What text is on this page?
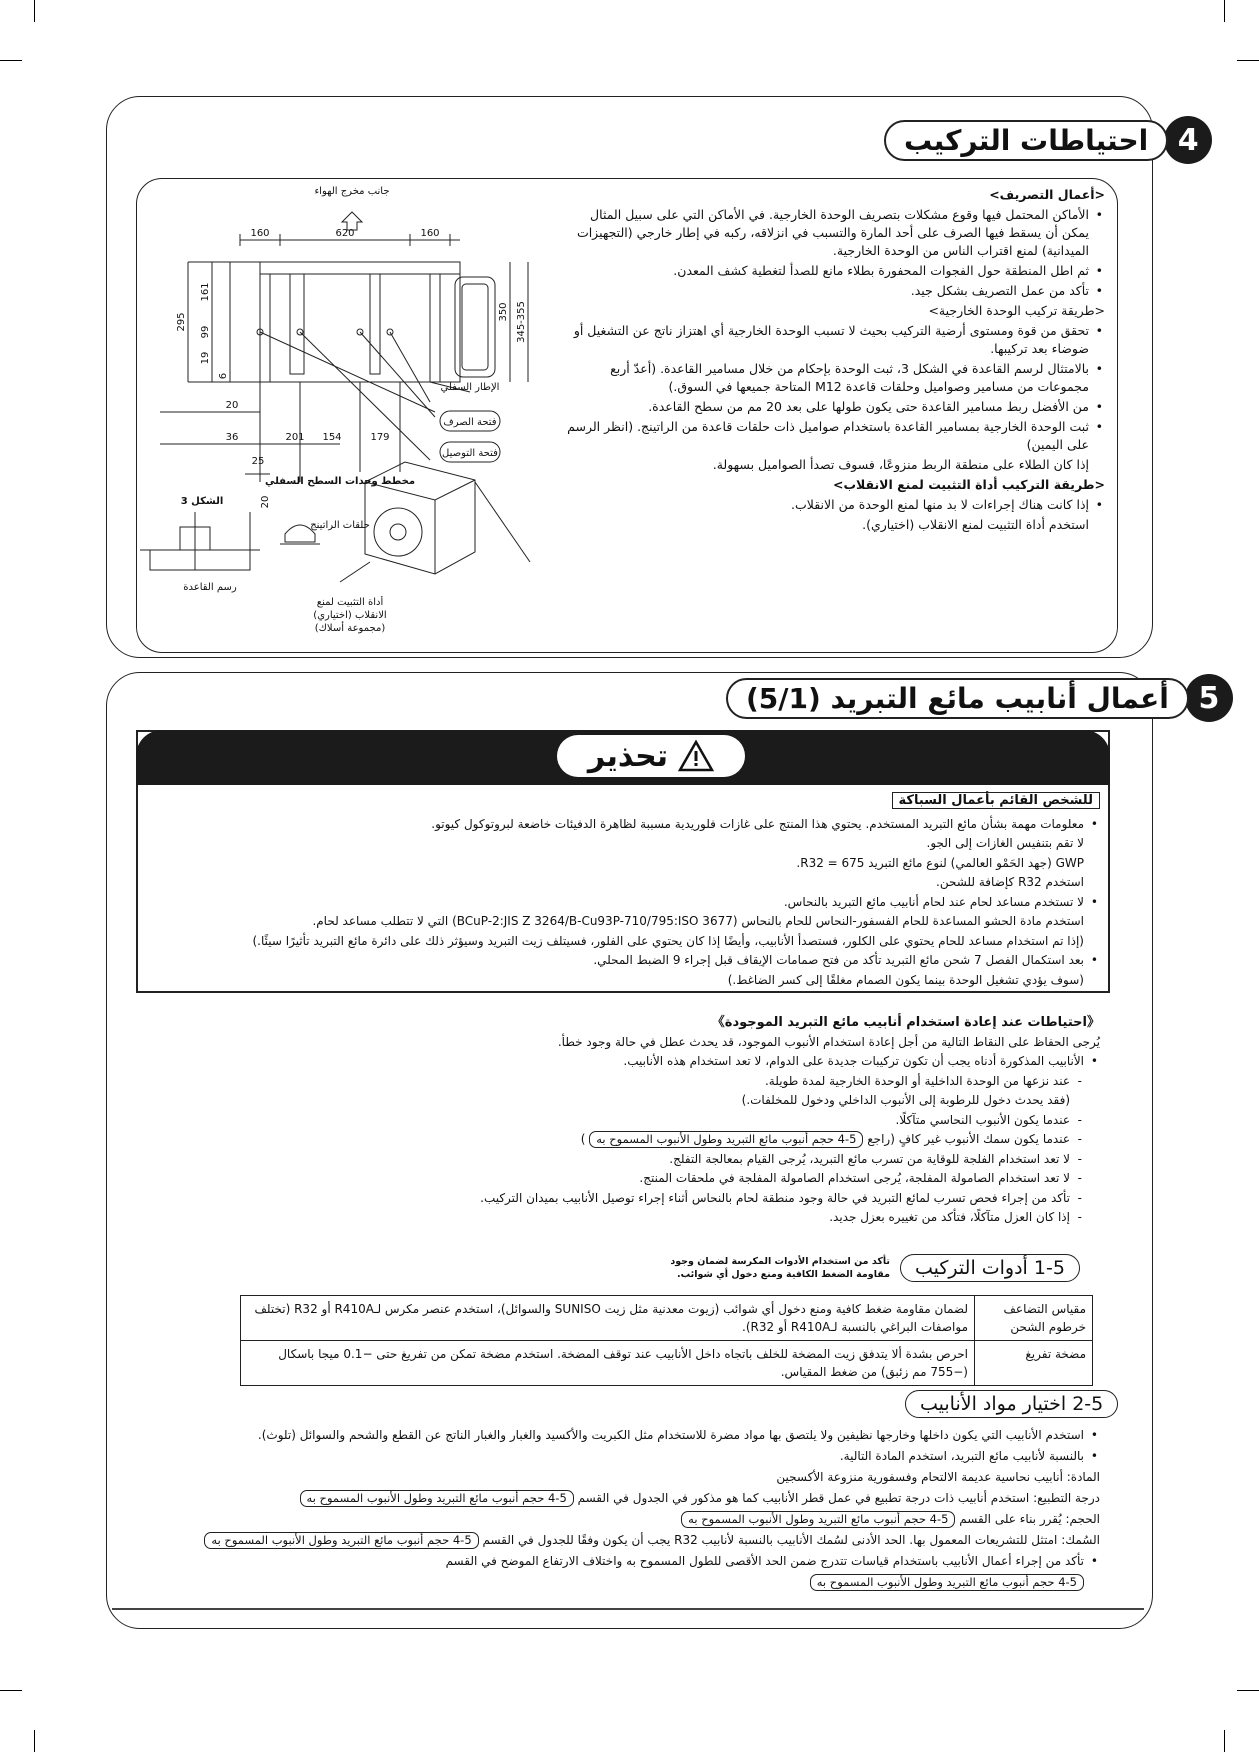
4
احتياطات التركيب

<أعمال التصريف>

• الأماكن المحتمل فيها وقوع مشكلات بتصريف الوحدة الخارجية. في الأماكن التي على سبيل المثال يمكن أن يسقط فيها الصرف على أحد المارة والتسبب في انزلاقه، ركبه في إطار خارجي (التجهيزات الميدانية) لمنع اقتراب الناس من الوحدة الخارجية.

• ثم اطل المنطقة حول الفجوات المحفورة بطلاء مانع للصدأ لتغطية كشف المعدن.

• تأكد من عمل التصريف بشكل جيد.

<طريقة تركيب الوحدة الخارجية>

• تحقق من قوة ومستوى أرضية التركيب بحيث لا تسبب الوحدة الخارجية أي اهتزاز ناتج عن التشغيل أو ضوضاء بعد تركيبها.

• بالامتثال لرسم القاعدة في الشكل 3، ثبت الوحدة بإحكام من خلال مسامير القاعدة. (أعدّ أربع مجموعات من مسامير وصواميل وحلقات قاعدة M12 المتاحة جميعها في السوق.)

• من الأفضل ربط مسامير القاعدة حتى يكون طولها على بعد 20 مم من سطح القاعدة.

• ثبت الوحدة الخارجية بمسامير القاعدة باستخدام صواميل ذات حلقات قاعدة من الراتينج. (انظر الرسم على اليمين)

إذا كان الطلاء على منطقة الربط منزوعًا، فسوف تصدأ الصواميل بسهولة.

<طريقة التركيب أداة التثبيت لمنع الانقلاب>

• إذا كانت هناك إجراءات لا بد منها لمنع الوحدة من الانقلاب.

استخدم أداة التثبيت لمنع الانقلاب (اختياري).

جانب مخرج الهواء
160	620	160
295
161
99
19
6
350 345-355
20
36	201 154	179
25
الإطار السفلي
فتحة الصرف
فتحة التوصيل
مخطط وحدات السطح السفلي
الشكل 3	20
حلقات الراتينج
رسم القاعدة
أداة التثبيت لمنع الانقلاب (اختياري) (مجموعة أسلاك)
5
أعمال أنابيب مائع التبريد (5/1)
تحذير

للشخص القائم بأعمال السباكة

• معلومات مهمة بشأن مائع التبريد المستخدم. يحتوي هذا المنتج على غازات فلوريدية مسببة لظاهرة الدفيئات خاضعة لبروتوكول كيوتو.

لا تقم بتنفيس الغازات إلى الجو.

GWP (جهد الحَمْو العالمي) لنوع مائع التبريد R32 = 675.

استخدم R32 كإضافة للشحن.

• لا تستخدم مساعد لحام عند لحام أنابيب مائع التبريد بالنحاس.

استخدم مادة الحشو المساعدة للحام الفسفور-النحاس للحام بالنحاس (BCuP-2:JIS Z 3264/B-Cu93P-710/795:ISO 3677) التي لا تتطلب مساعد لحام.

(إذا تم استخدام مساعد للحام يحتوي على الكلور، فستصدأ الأنابيب، وأيضًا إذا كان يحتوي على الفلور، فسيتلف زيت التبريد وسيؤثر ذلك على دائرة مائع التبريد تأثيرًا سيئًا.)

• بعد استكمال الفصل 7 شحن مائع التبريد تأكد من فتح صمامات الإيقاف قبل إجراء 9 الضبط المحلي.

(سوف يؤدي تشغيل الوحدة بينما يكون الصمام مغلقًا إلى كسر الضاغط.)

《احتياطات عند إعادة استخدام أنابيب مائع التبريد الموجودة》

يُرجى الحفاظ على النقاط التالية من أجل إعادة استخدام الأنبوب الموجود، قد يحدث عطل في حالة وجود خطأ.

• الأنابيب المذكورة أدناه يجب أن تكون تركيبات جديدة على الدوام، لا تعد استخدام هذه الأنابيب.

- عند نزعها من الوحدة الداخلية أو الوحدة الخارجية لمدة طويلة.

(فقد يحدث دخول للرطوبة إلى الأنبوب الداخلي ودخول للمخلفات.)

- عندما يكون الأنبوب النحاسي متآكلًا.

- عندما يكون سمك الأنبوب غير كافٍ (راجع 4-5 حجم أنبوب مائع التبريد وطول الأنبوب المسموح به )

- لا تعد استخدام الفلجة للوقاية من تسرب مائع التبريد، يُرجى القيام بمعالجة التفلج.

- لا تعد استخدام الصامولة المفلجة، يُرجى استخدام الصامولة المفلجة في ملحقات المنتج.

- تأكد من إجراء فحص تسرب لمائع التبريد في حالة وجود منطقة لحام بالنحاس أثناء إجراء توصيل الأنابيب بميدان التركيب.

- إذا كان العزل متآكلًا، فتأكد من تغييره بعزل جديد.

1-5 أدوات التركيب
تأكد من استخدام الأدوات المكرسة لضمان وجود مقاومة الضغط الكافية ومنع دخول أي شوائب.
مقياس التضاعف خرطوم الشحن	لضمان مقاومة ضغط كافية ومنع دخول أي شوائب (زيوت معدنية مثل زيت SUNISO والسوائل)، استخدم عنصر مكرس لـR410A أو R32 (تختلف مواصفات البراغي بالنسبة لـR410A أو R32).
مضخة تفريغ	احرص بشدة ألا يتدفق زيت المضخة للخلف باتجاه داخل الأنابيب عند توقف المضخة. استخدم مضخة تمكن من تفريغ حتى −0.1 ميجا باسكال (−755 مم زئبق) من ضغط المقياس.
2-5 اختيار مواد الأنابيب

• استخدم الأنابيب التي يكون داخلها وخارجها نظيفين ولا يلتصق بها مواد مضرة للاستخدام مثل الكبريت والأكسيد والغبار والغبار الناتج عن القطع والشحم والسوائل (تلوث).

• بالنسبة لأنابيب مائع التبريد، استخدم المادة التالية.

المادة: أنابيب نحاسية عديمة الالتحام وفسفورية منزوعة الأكسجين

درجة التطبيع: استخدم أنابيب ذات درجة تطبيع في عمل قطر الأنابيب كما هو مذكور في الجدول في القسم 4-5 حجم أنبوب مائع التبريد وطول الأنبوب المسموح به

الحجم: يُقرر بناء على القسم 4-5 حجم أنبوب مائع التبريد وطول الأنبوب المسموح به

السُمك: امتثل للتشريعات المعمول بها. الحد الأدنى لسُمك الأنابيب بالنسبة لأنابيب R32 يجب أن يكون وفقًا للجدول في القسم 4-5 حجم أنبوب مائع التبريد وطول الأنبوب المسموح به

• تأكد من إجراء أعمال الأنابيب باستخدام قياسات تتدرج ضمن الحد الأقصى للطول المسموح به واختلاف الارتفاع الموضح في القسم

4-5 حجم أنبوب مائع التبريد وطول الأنبوب المسموح به
